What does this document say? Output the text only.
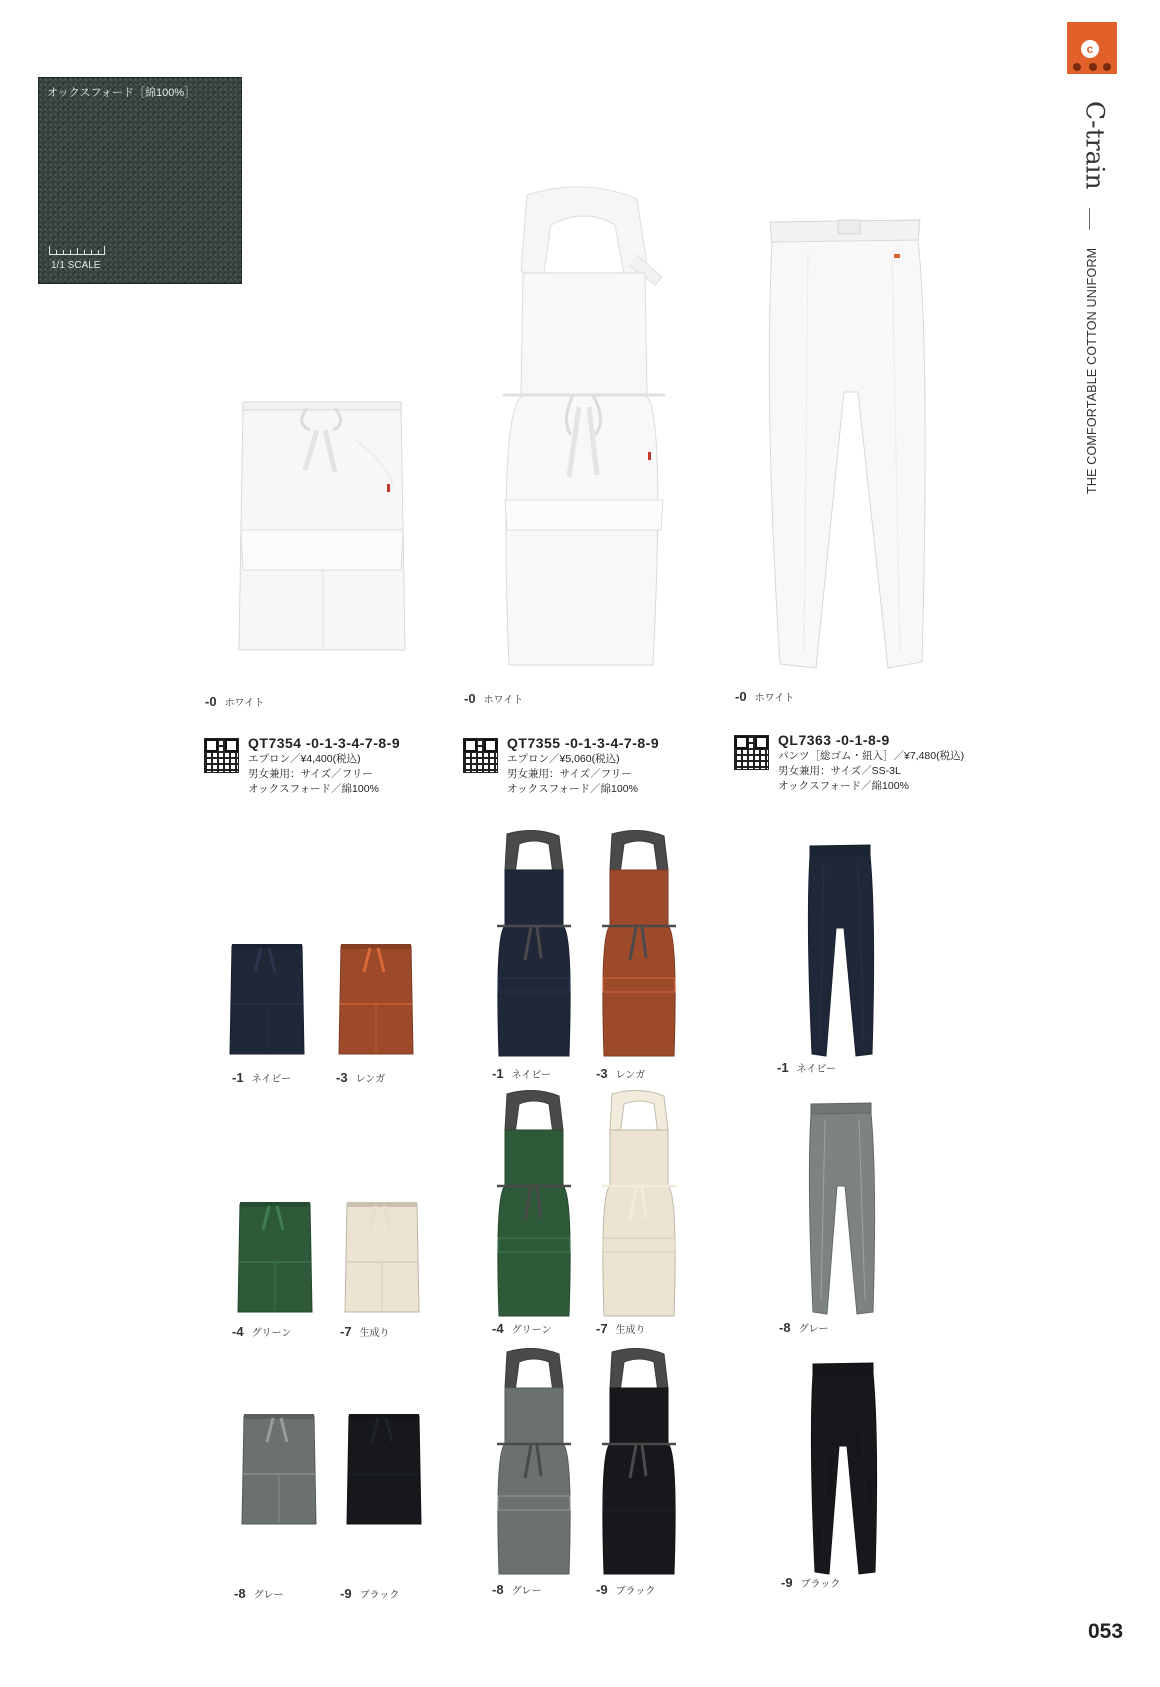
オックスフォード［綿100%］
1/1 SCALE
c
C-train
THE COMFORTABLE COTTON UNIFORM
-0 ホワイト	-0 ホワイト	-0 ホワイト
QT7354 -0-1-3-4-7-8-9
エプロン／¥4,400(税込)
男女兼用：サイズ／フリー
オックスフォード／綿100%
QT7355 -0-1-3-4-7-8-9
エプロン／¥5,060(税込)
男女兼用：サイズ／フリー
オックスフォード／綿100%
QL7363 -0-1-8-9
パンツ［総ゴム・紐入］／¥7,480(税込)
男女兼用：サイズ／SS-3L
オックスフォード／綿100%
-1 ネイビー	-3 レンガ
-4 グリーン	-7 生成り
-8 グレー	-9 ブラック
-1 ネイビー	-3 レンガ
-4 グリーン	-7 生成り
-8 グレー	-9 ブラック
-1 ネイビー
-8 グレー
-9 ブラック
053
